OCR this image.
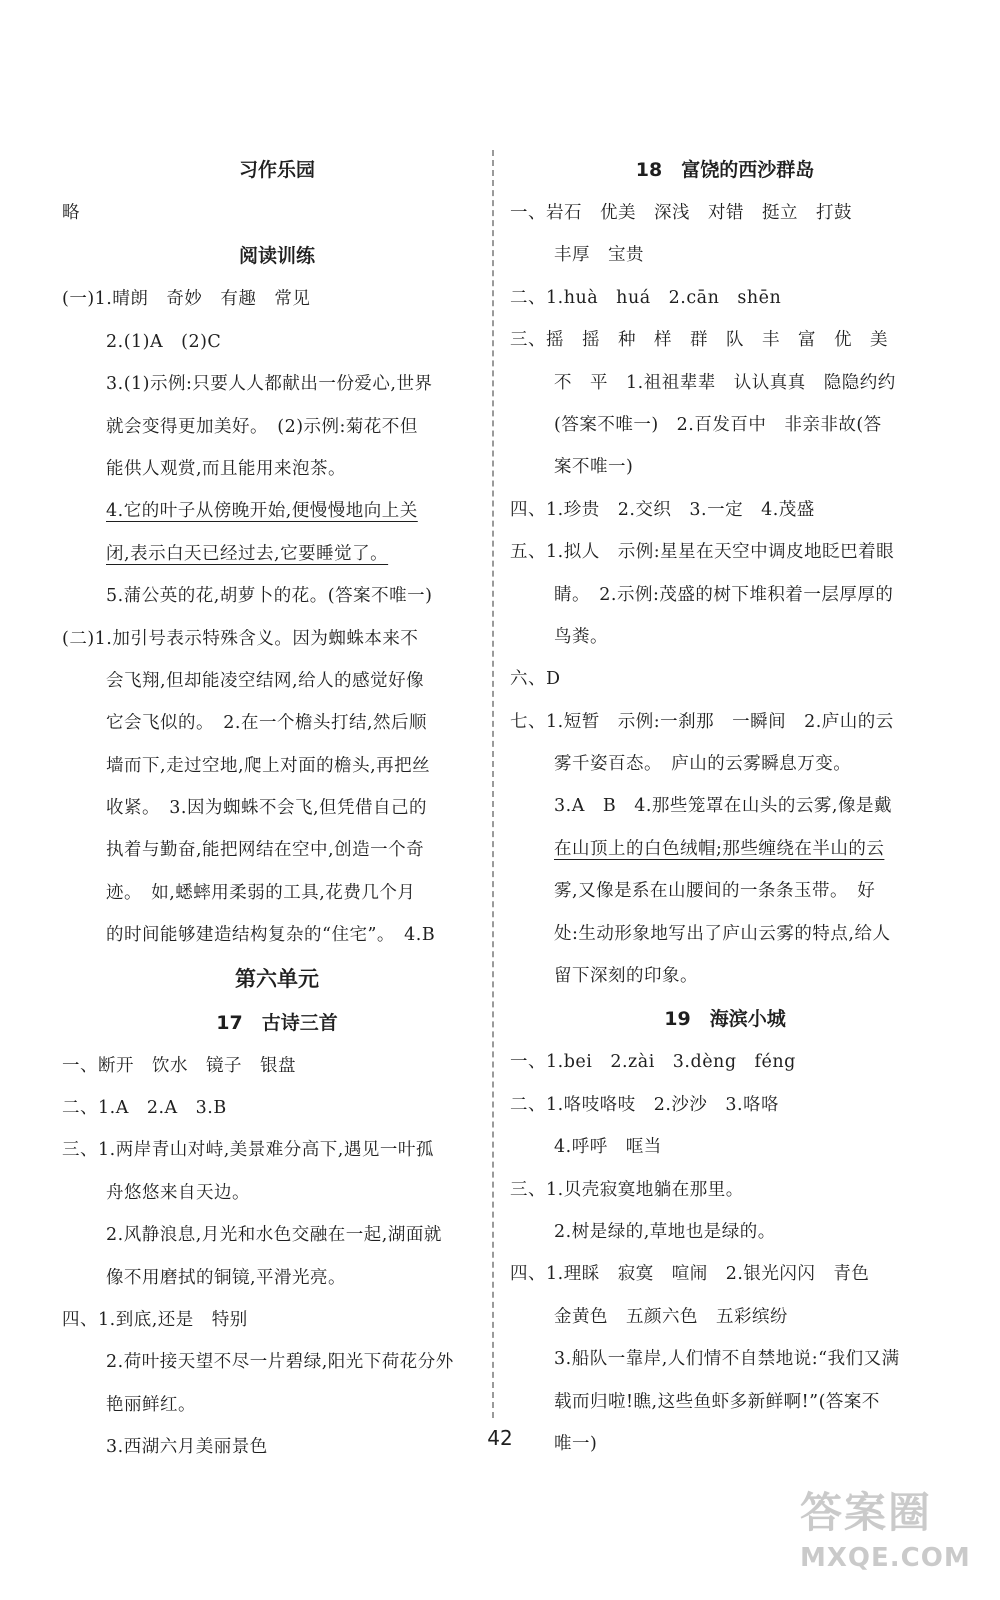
习作乐园
略
阅读训练
(一)1.晴朗　奇妙　有趣　常见
2.(1)A　(2)C
3.(1)示例:只要人人都献出一份爱心,世界
就会变得更加美好。　(2)示例:菊花不但
能供人观赏,而且能用来泡茶。
4.它的叶子从傍晚开始,便慢慢地向上关
闭,表示白天已经过去,它要睡觉了。
5.蒲公英的花,胡萝卜的花。(答案不唯一)
(二)1.加引号表示特殊含义。因为蜘蛛本来不
会飞翔,但却能凌空结网,给人的感觉好像
它会飞似的。　2.在一个檐头打结,然后顺
墙而下,走过空地,爬上对面的檐头,再把丝
收紧。　3.因为蜘蛛不会飞,但凭借自己的
执着与勤奋,能把网结在空中,创造一个奇
迹。　如,蟋蟀用柔弱的工具,花费几个月
的时间能够建造结构复杂的“住宅”。　4.B
第六单元
17　古诗三首
一、断开　饮水　镜子　银盘
二、1.A　2.A　3.B
三、1.两岸青山对峙,美景难分高下,遇见一叶孤
舟悠悠来自天边。
2.风静浪息,月光和水色交融在一起,湖面就
像不用磨拭的铜镜,平滑光亮。
四、1.到底,还是　特别
2.荷叶接天望不尽一片碧绿,阳光下荷花分外
艳丽鲜红。
3.西湖六月美丽景色
18　富饶的西沙群岛
一、岩石　优美　深浅　对错　挺立　打鼓
丰厚　宝贵
二、1.huà　huá　2.cān　shēn
三、摇　摇　种　样　群　队　丰　富　优　美
不　平　1.祖祖辈辈　认认真真　隐隐约约
(答案不唯一)　2.百发百中　非亲非故(答
案不唯一)
四、1.珍贵　2.交织　3.一定　4.茂盛
五、1.拟人　示例:星星在天空中调皮地眨巴着眼
睛。　2.示例:茂盛的树下堆积着一层厚厚的
鸟粪。
六、D
七、1.短暂　示例:一刹那　一瞬间　2.庐山的云
雾千姿百态。　庐山的云雾瞬息万变。
3.A　B　4.那些笼罩在山头的云雾,像是戴
在山顶上的白色绒帽;那些缠绕在半山的云
雾,又像是系在山腰间的一条条玉带。　好
处:生动形象地写出了庐山云雾的特点,给人
留下深刻的印象。
19　海滨小城
一、1.bei　2.zài　3.dèng　féng
二、1.咯吱咯吱　2.沙沙　3.咯咯
4.呼呼　哐当
三、1.贝壳寂寞地躺在那里。
2.树是绿的,草地也是绿的。
四、1.理睬　寂寞　喧闹　2.银光闪闪　青色
金黄色　五颜六色　五彩缤纷
3.船队一靠岸,人们情不自禁地说:“我们又满
载而归啦!瞧,这些鱼虾多新鲜啊!”(答案不
唯一)
42
答案圈
MXQE.COM
